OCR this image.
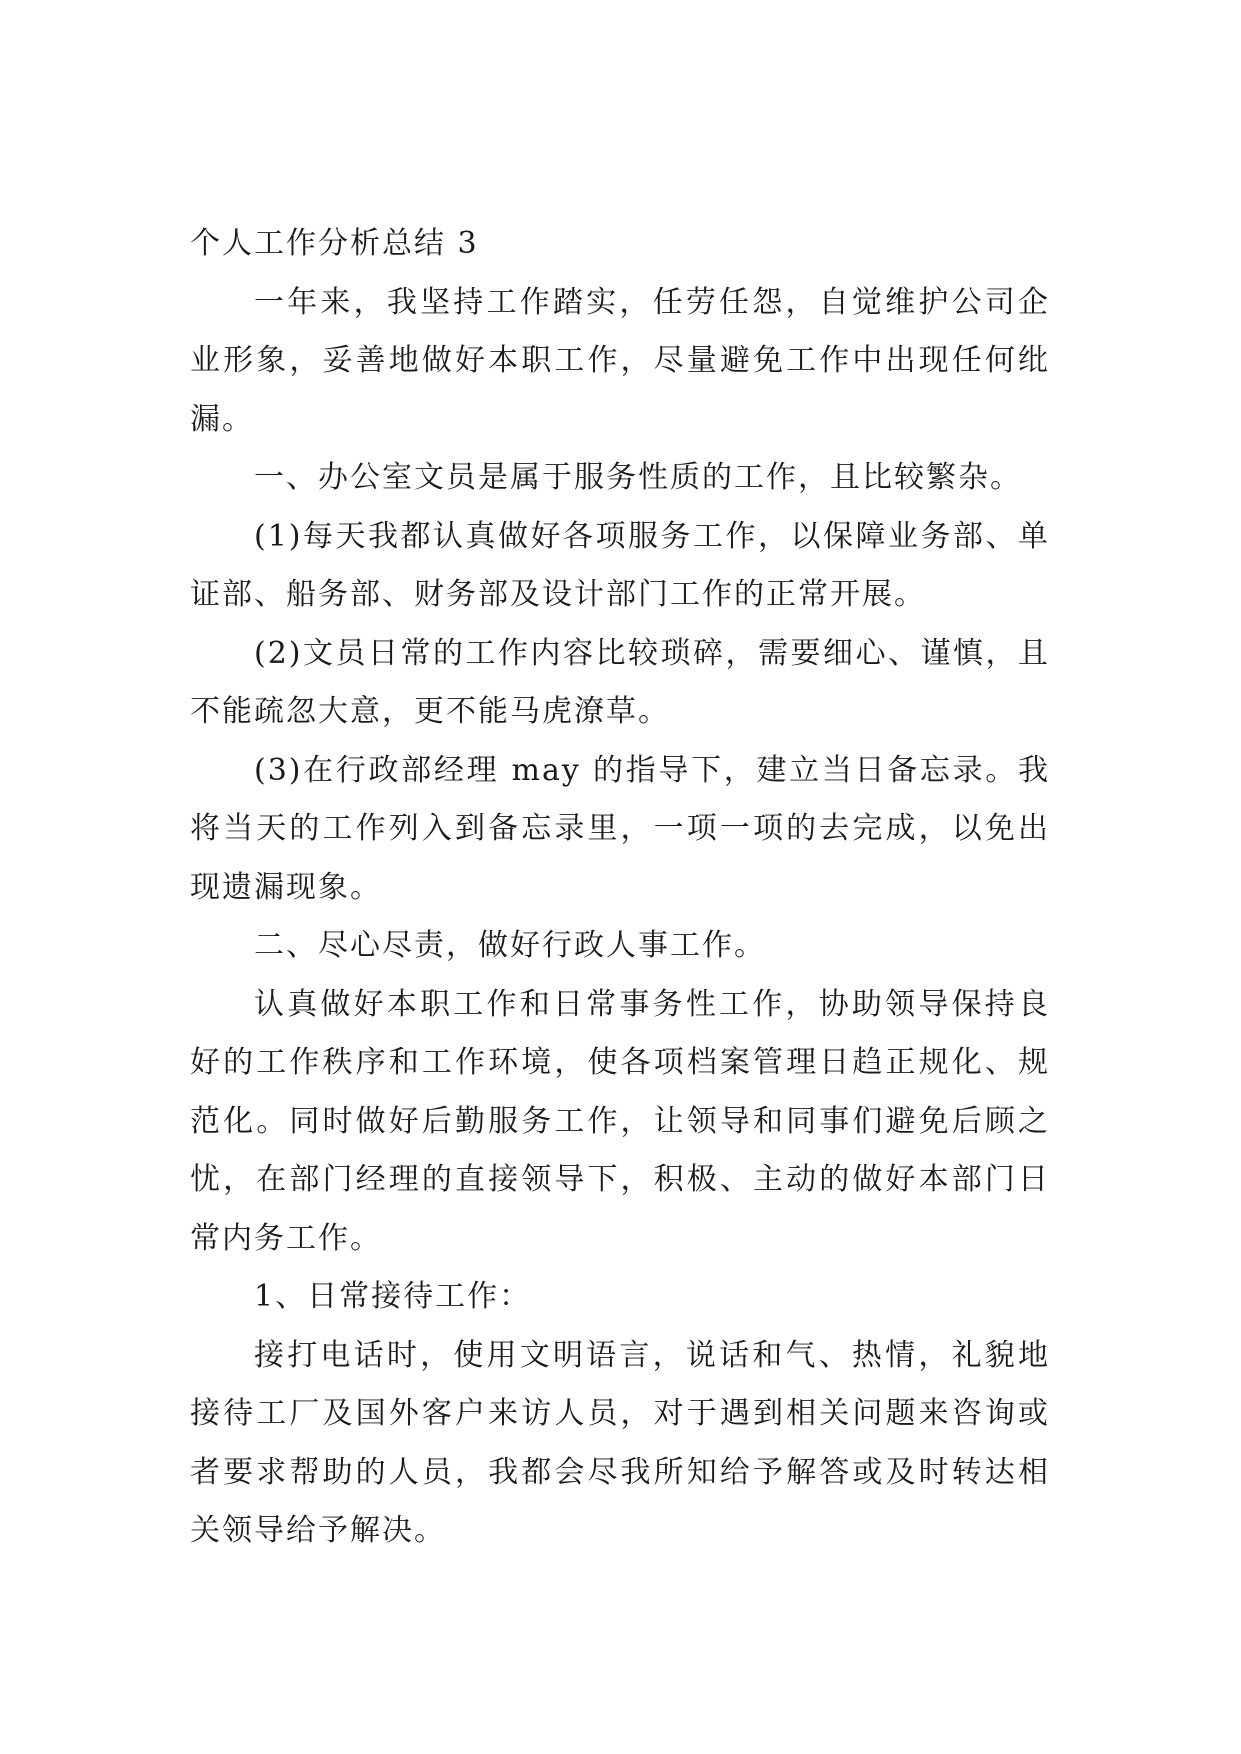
个人工作分析总结 3

一年来，我坚持工作踏实，任劳任怨，自觉维护公司企业形象，妥善地做好本职工作，尽量避免工作中出现任何纰漏。

一、办公室文员是属于服务性质的工作，且比较繁杂。

(1)每天我都认真做好各项服务工作，以保障业务部、单证部、船务部、财务部及设计部门工作的正常开展。

(2)文员日常的工作内容比较琐碎，需要细心、谨慎，且不能疏忽大意，更不能马虎潦草。

(3)在行政部经理 may 的指导下，建立当日备忘录。我将当天的工作列入到备忘录里，一项一项的去完成，以免出现遗漏现象。

二、尽心尽责，做好行政人事工作。

认真做好本职工作和日常事务性工作，协助领导保持良好的工作秩序和工作环境，使各项档案管理日趋正规化、规范化。同时做好后勤服务工作，让领导和同事们避免后顾之忧，在部门经理的直接领导下，积极、主动的做好本部门日常内务工作。

1、日常接待工作：

接打电话时，使用文明语言，说话和气、热情，礼貌地接待工厂及国外客户来访人员，对于遇到相关问题来咨询或者要求帮助的人员，我都会尽我所知给予解答或及时转达相关领导给予解决。
